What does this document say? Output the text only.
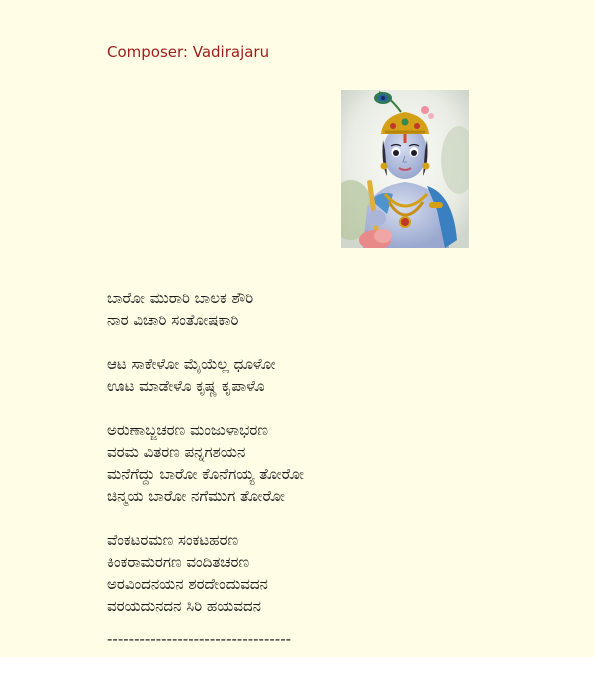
Composer: Vadirajaru
ಬಾರೋ ಮುರಾರಿ ಬಾಲಕ ಶೌರಿ
ನಾರ ವಿಚಾರಿ ಸಂತೋಷಕಾರಿ
ಆಟ ಸಾಕೇಳೋ ಮೈಯೆಲ್ಲ ಧೂಳೋ
ಊಟ ಮಾಡೇಳೊ ಕೃಷ್ಣ ಕೃಪಾಳೊ
ಅರುಣಾಬ್ಜಚರಣ ಮಂಜುಳಾಭರಣ
ವರಮ ವಿತರಣ ಪನ್ನಗಶಯನ
ಮನೆಗೆದ್ದು ಬಾರೋ ಕೊನೆಗಯ್ಯ ತೋರೋ
ಚಿನ್ಮಯ ಬಾರೋ ನಗೆಮುಗ ತೋರೋ
ವೆಂಕಟರಮಣ ಸಂಕಟಹರಣ
ಕಿಂಕರಾಮರಗಣ ವಂದಿತಚರಣ
ಅರವಿಂದನಯನ ಶರದೇಂದುವದನ
ವರಯದುನದನ ಸಿರಿ ಹಯವದನ
----------------------------------
